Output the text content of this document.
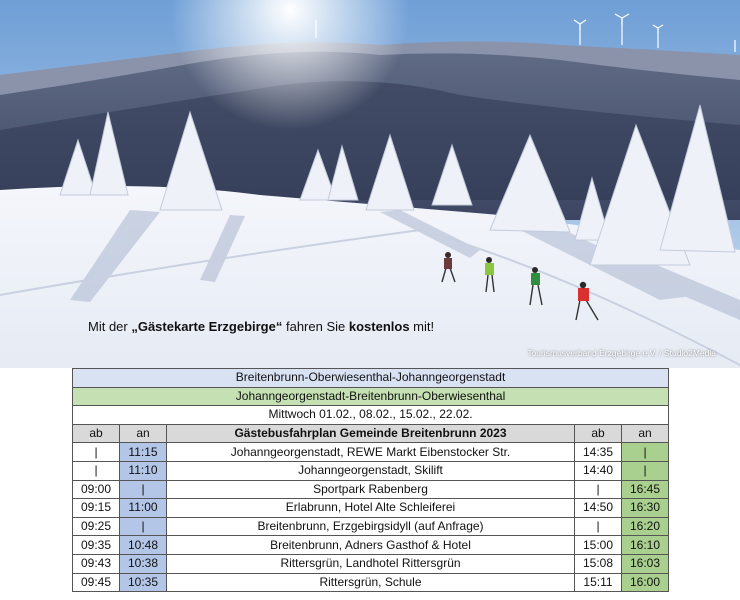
Mit der „Gästekarte Erzgebirge“ fahren Sie kostenlos mit!
Tourismusverband Erzgebirge e.V. / Studio2Media
Breitenbrunn-Oberwiesenthal-Johanngeorgenstadt				
Johanngeorgenstadt-Breitenbrunn-Oberwiesenthal				
Mittwoch 01.02., 08.02., 15.02., 22.02.				
ab	an	Gästebusfahrplan Gemeinde Breitenbrunn 2023	ab	an
|	11:15	Johanngeorgenstadt, REWE Markt Eibenstocker Str.	14:35	|
|	11:10	Johanngeorgenstadt, Skilift	14:40	|
09:00	|	Sportpark Rabenberg	|	16:45
09:15	11:00	Erlabrunn, Hotel Alte Schleiferei	14:50	16:30
09:25	|	Breitenbrunn, Erzgebirgsidyll (auf Anfrage)	|	16:20
09:35	10:48	Breitenbrunn, Adners Gasthof & Hotel	15:00	16:10
09:43	10:38	Rittersgrün, Landhotel Rittersgrün	15:08	16:03
09:45	10:35	Rittersgrün, Schule	15:11	16:00
